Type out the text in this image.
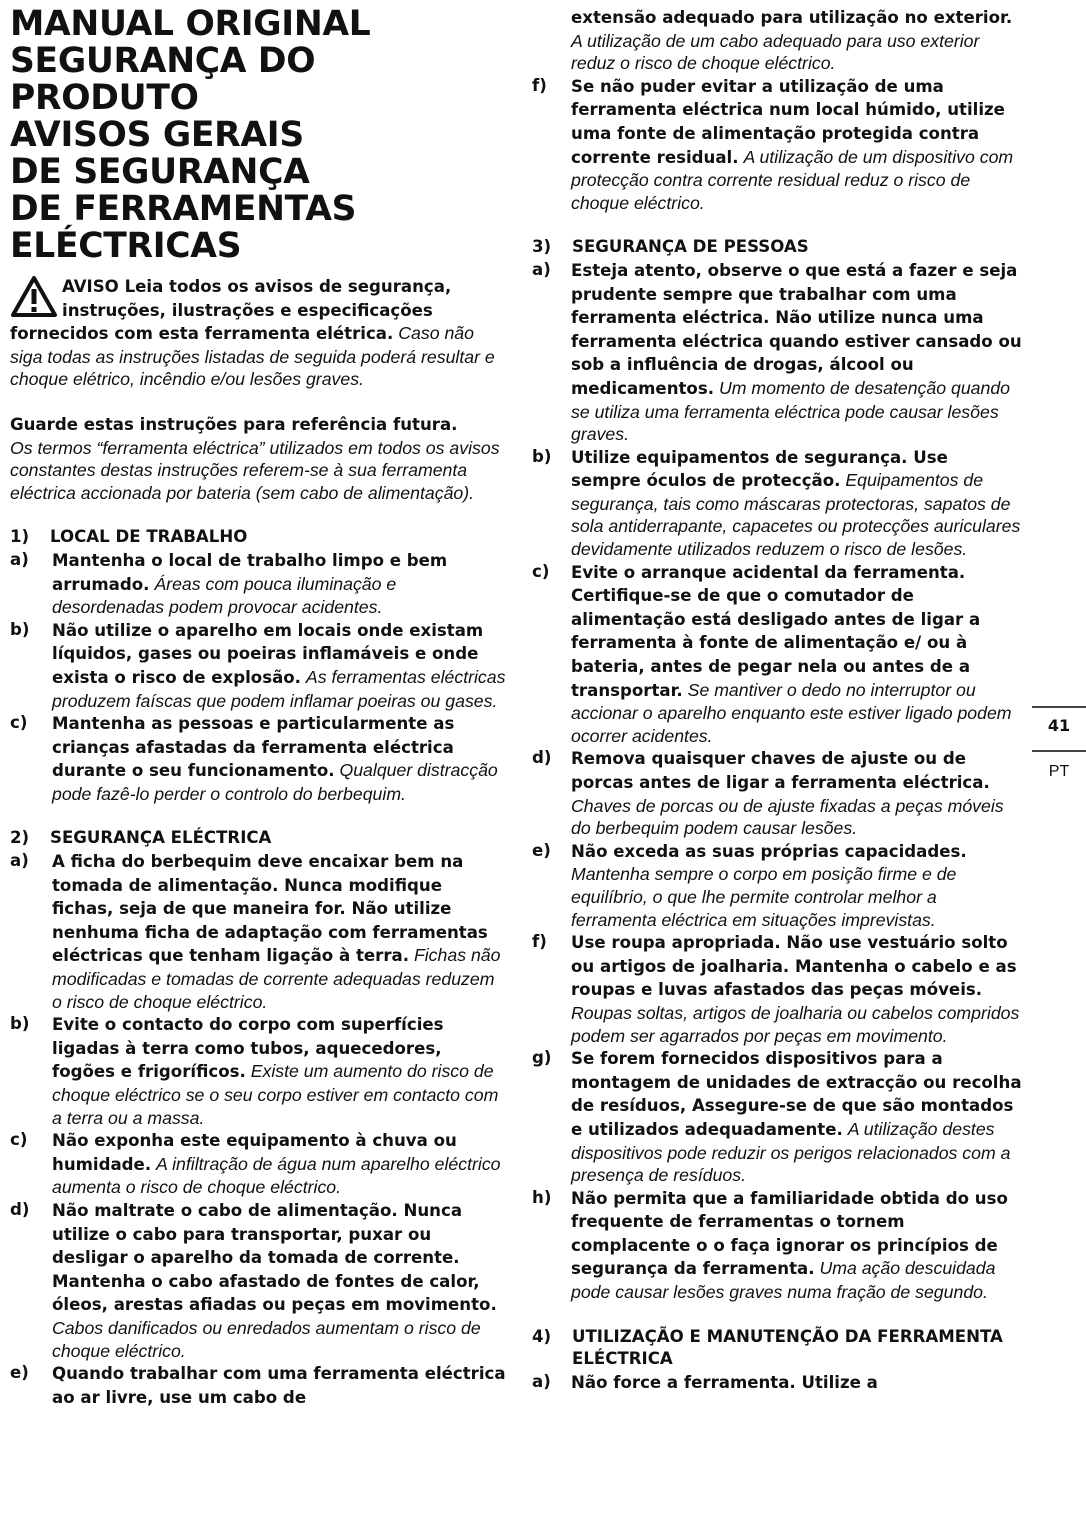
MANUAL ORIGINAL
SEGURANÇA DO
PRODUTO
AVISOS GERAIS
DE SEGURANÇA
DE FERRAMENTAS
ELÉCTRICAS

AVISO Leia todos os avisos de segurança, instruções, ilustrações e especificações fornecidos com esta ferramenta elétrica. Caso não siga todas as instruções listadas de seguida poderá resultar e choque elétrico, incêndio e/ou lesões graves.

Guarde estas instruções para referência futura.
Os termos “ferramenta eléctrica” utilizados em todos os avisos constantes destas instruções referem-se à sua ferramenta eléctrica accionada por bateria (sem cabo de alimentação).

1) LOCAL DE TRABALHO

a) Mantenha o local de trabalho limpo e bem arrumado. Áreas com pouca iluminação e desordenadas podem provocar acidentes.

b) Não utilize o aparelho em locais onde existam líquidos, gases ou poeiras inflamáveis e onde exista o risco de explosão. As ferramentas eléctricas produzem faíscas que podem inflamar poeiras ou gases.

c) Mantenha as pessoas e particularmente as crianças afastadas da ferramenta eléctrica durante o seu funcionamento. Qualquer distracção pode fazê-lo perder o controlo do berbequim.

2) SEGURANÇA ELÉCTRICA

a) A ficha do berbequim deve encaixar bem na tomada de alimentação. Nunca modifique fichas, seja de que maneira for. Não utilize nenhuma ficha de adaptação com ferramentas eléctricas que tenham ligação à terra. Fichas não modificadas e tomadas de corrente adequadas reduzem o risco de choque eléctrico.

b) Evite o contacto do corpo com superfícies ligadas à terra como tubos, aquecedores, fogões e frigoríficos. Existe um aumento do risco de choque eléctrico se o seu corpo estiver em contacto com a terra ou a massa.

c) Não exponha este equipamento à chuva ou humidade. A infiltração de água num aparelho eléctrico aumenta o risco de choque eléctrico.

d) Não maltrate o cabo de alimentação. Nunca utilize o cabo para transportar, puxar ou desligar o aparelho da tomada de corrente. Mantenha o cabo afastado de fontes de calor, óleos, arestas afiadas ou peças em movimento. Cabos danificados ou enredados aumentam o risco de choque eléctrico.

e) Quando trabalhar com uma ferramenta eléctrica ao ar livre, use um cabo de

extensão adequado para utilização no exterior. A utilização de um cabo adequado para uso exterior reduz o risco de choque eléctrico.

f) Se não puder evitar a utilização de uma ferramenta eléctrica num local húmido, utilize uma fonte de alimentação protegida contra corrente residual. A utilização de um dispositivo com protecção contra corrente residual reduz o risco de choque eléctrico.

3) SEGURANÇA DE PESSOAS

a) Esteja atento, observe o que está a fazer e seja prudente sempre que trabalhar com uma ferramenta eléctrica. Não utilize nunca uma ferramenta eléctrica quando estiver cansado ou sob a influência de drogas, álcool ou medicamentos. Um momento de desatenção quando se utiliza uma ferramenta eléctrica pode causar lesões graves.

b) Utilize equipamentos de segurança. Use sempre óculos de protecção. Equipamentos de segurança, tais como máscaras protectoras, sapatos de sola antiderrapante, capacetes ou protecções auriculares devidamente utilizados reduzem o risco de lesões.

c) Evite o arranque acidental da ferramenta. Certifique-se de que o comutador de alimentação está desligado antes de ligar a ferramenta à fonte de alimentação e/ ou à bateria, antes de pegar nela ou antes de a transportar. Se mantiver o dedo no interruptor ou accionar o aparelho enquanto este estiver ligado podem ocorrer acidentes.

d) Remova quaisquer chaves de ajuste ou de porcas antes de ligar a ferramenta eléctrica. Chaves de porcas ou de ajuste fixadas a peças móveis do berbequim podem causar lesões.

e) Não exceda as suas próprias capacidades. Mantenha sempre o corpo em posição firme e de equilíbrio, o que lhe permite controlar melhor a ferramenta eléctrica em situações imprevistas.

f) Use roupa apropriada. Não use vestuário solto ou artigos de joalharia. Mantenha o cabelo e as roupas e luvas afastados das peças móveis. Roupas soltas, artigos de joalharia ou cabelos compridos podem ser agarrados por peças em movimento.

g) Se forem fornecidos dispositivos para a montagem de unidades de extracção ou recolha de resíduos, Assegure-se de que são montados e utilizados adequadamente. A utilização destes dispositivos pode reduzir os perigos relacionados com a presença de resíduos.

h) Não permita que a familiaridade obtida do uso frequente de ferramentas o tornem complacente o o faça ignorar os princípios de segurança da ferramenta. Uma ação descuidada pode causar lesões graves numa fração de segundo.

4) UTILIZAÇÃO E MANUTENÇÃO DA FERRAMENTA ELÉCTRICA

a) Não force a ferramenta. Utilize a

41
PT
